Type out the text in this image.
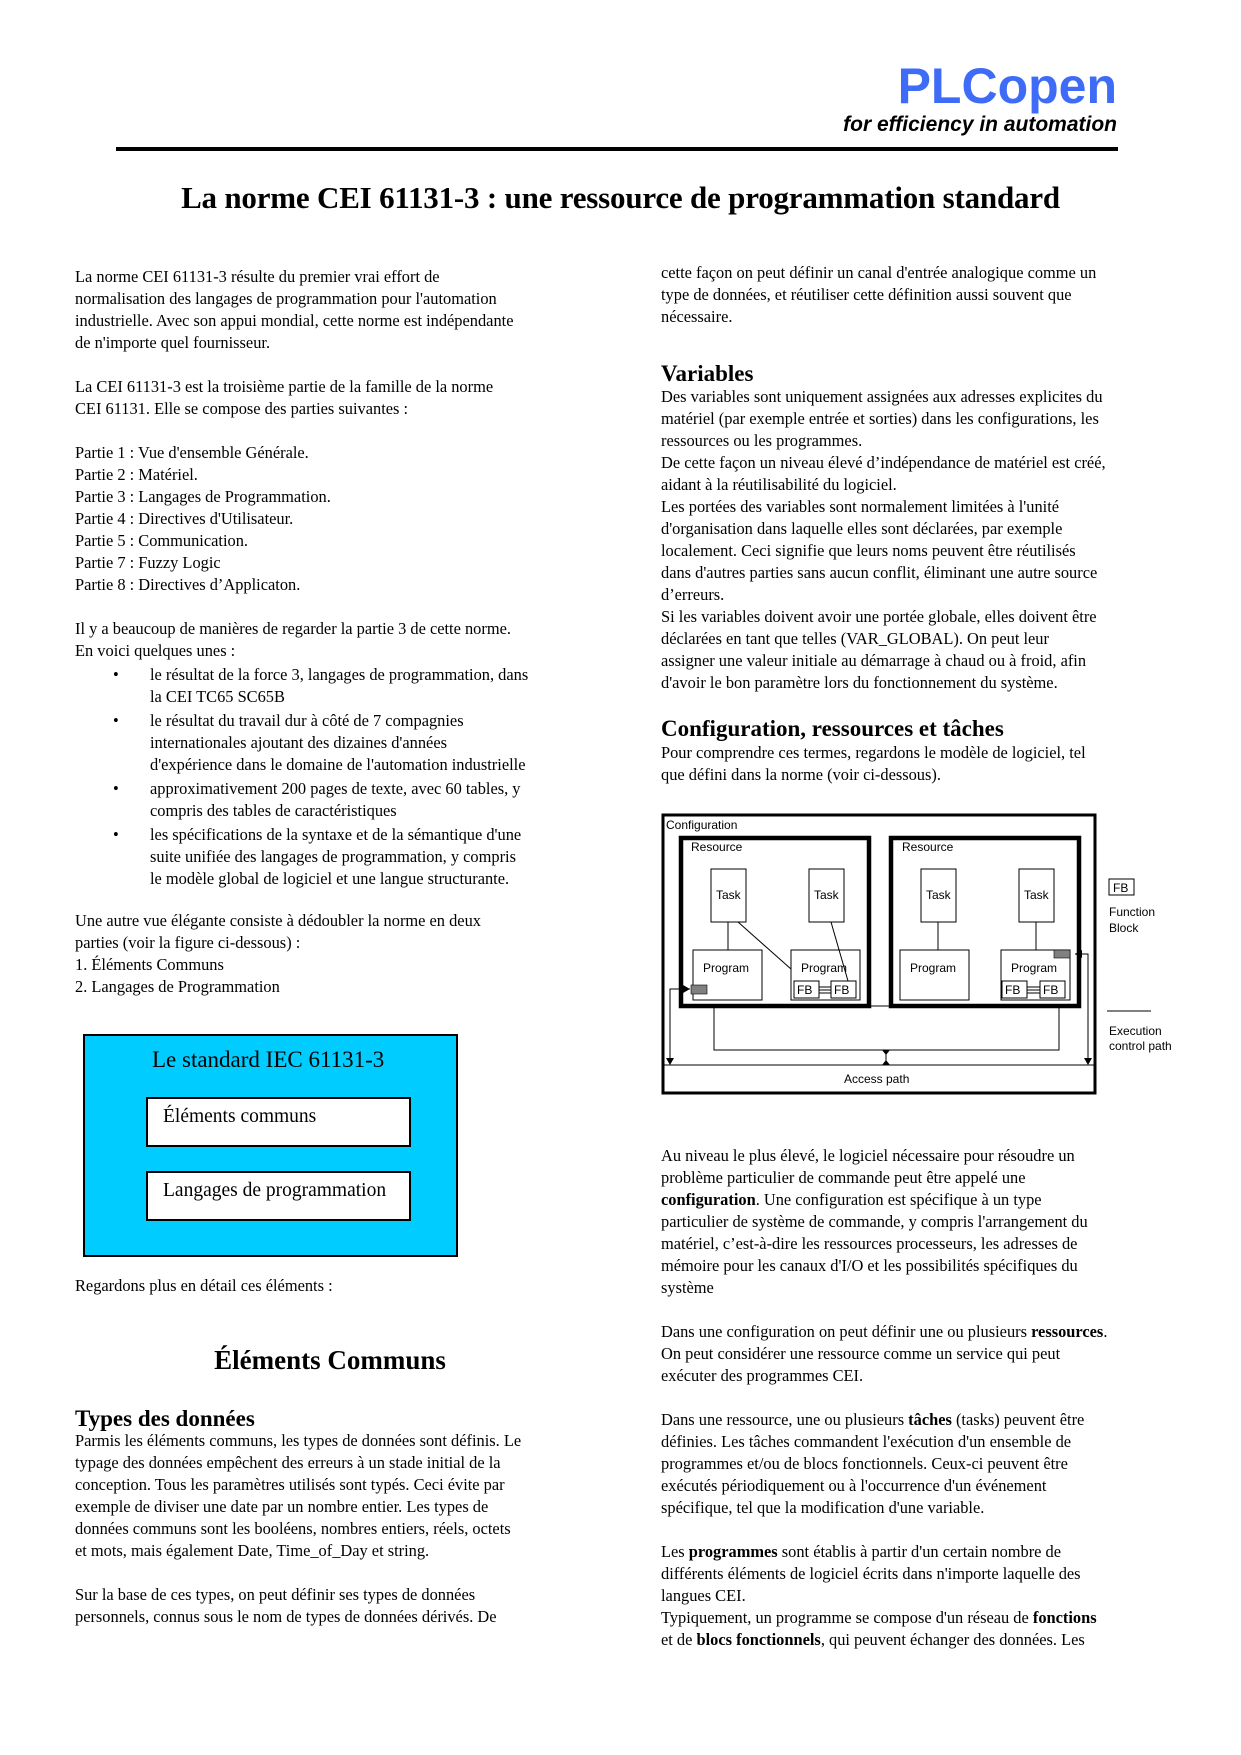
PLCopen
for efficiency in automation
La norme CEI 61131-3 : une ressource de programmation standard

La norme CEI 61131-3 résulte du premier vrai effort de
normalisation des langages de programmation pour l'automation
industrielle. Avec son appui mondial, cette norme est indépendante
de n'importe quel fournisseur.

La CEI 61131-3 est la troisième partie de la famille de la norme
CEI 61131. Elle se compose des parties suivantes :

Partie 1 : Vue d'ensemble Générale.
Partie 2 : Matériel.
Partie 3 : Langages de Programmation.
Partie 4 : Directives d'Utilisateur.
Partie 5 : Communication.
Partie 7 : Fuzzy Logic
Partie 8 : Directives d’Applicaton.

Il y a beaucoup de manières de regarder la partie 3 de cette norme.
En voici quelques unes :

• le résultat de la force 3, langages de programmation, dans
la CEI TC65 SC65B
• le résultat du travail dur à côté de 7 compagnies
internationales ajoutant des dizaines d'années
d'expérience dans le domaine de l'automation industrielle
• approximativement 200 pages de texte, avec 60 tables, y
compris des tables de caractéristiques
• les spécifications de la syntaxe et de la sémantique d'une
suite unifiée des langages de programmation, y compris
le modèle global de logiciel et une langue structurante.

Une autre vue élégante consiste à dédoubler la norme en deux
parties (voir la figure ci-dessous) :
1. Éléments Communs
2. Langages de Programmation

Le standard IEC 61131-3
Éléments communs
Langages de programmation
Regardons plus en détail ces éléments :
Éléments Communs
Types des données

Parmis les éléments communs, les types de données sont définis. Le
typage des données empêchent des erreurs à un stade initial de la
conception. Tous les paramètres utilisés sont typés. Ceci évite par
exemple de diviser une date par un nombre entier. Les types de
données communs sont les booléens, nombres entiers, réels, octets
et mots, mais également Date, Time_of_Day et string.

Sur la base de ces types, on peut définir ses types de données
personnels, connus sous le nom de types de données dérivés. De

cette façon on peut définir un canal d'entrée analogique comme un
type de données, et réutiliser cette définition aussi souvent que
nécessaire.

Variables

Des variables sont uniquement assignées aux adresses explicites du
matériel (par exemple entrée et sorties) dans les configurations, les
ressources ou les programmes.
De cette façon un niveau élevé d’indépendance de matériel est créé,
aidant à la réutilisabilité du logiciel.
Les portées des variables sont normalement limitées à l'unité
d'organisation dans laquelle elles sont déclarées, par exemple
localement. Ceci signifie que leurs noms peuvent être réutilisés
dans d'autres parties sans aucun conflit, éliminant une autre source
d’erreurs.
Si les variables doivent avoir une portée globale, elles doivent être
déclarées en tant que telles (VAR_GLOBAL). On peut leur
assigner une valeur initiale au démarrage à chaud ou à froid, afin
d'avoir le bon paramètre lors du fonctionnement du système.

Configuration, ressources et tâches

Pour comprendre ces termes, regardons le modèle de logiciel, tel
que défini dans la norme (voir ci-dessous).

Configuration
Resource	Resource
Task	Task	Task	Task
Program	Program	Program	Program
FB FB	FB FB
Access path
FB
Function
Block
Execution
control path

Au niveau le plus élevé, le logiciel nécessaire pour résoudre un
problème particulier de commande peut être appelé une
configuration. Une configuration est spécifique à un type
particulier de système de commande, y compris l'arrangement du
matériel, c’est-à-dire les ressources processeurs, les adresses de
mémoire pour les canaux d'I/O et les possibilités spécifiques du
système

Dans une configuration on peut définir une ou plusieurs ressources.
On peut considérer une ressource comme un service qui peut
exécuter des programmes CEI.

Dans une ressource, une ou plusieurs tâches (tasks) peuvent être
définies. Les tâches commandent l'exécution d'un ensemble de
programmes et/ou de blocs fonctionnels. Ceux-ci peuvent être
exécutés périodiquement ou à l'occurrence d'un événement
spécifique, tel que la modification d'une variable.

Les programmes sont établis à partir d'un certain nombre de
différents éléments de logiciel écrits dans n'importe laquelle des
langues CEI.
Typiquement, un programme se compose d'un réseau de fonctions
et de blocs fonctionnels, qui peuvent échanger des données. Les
